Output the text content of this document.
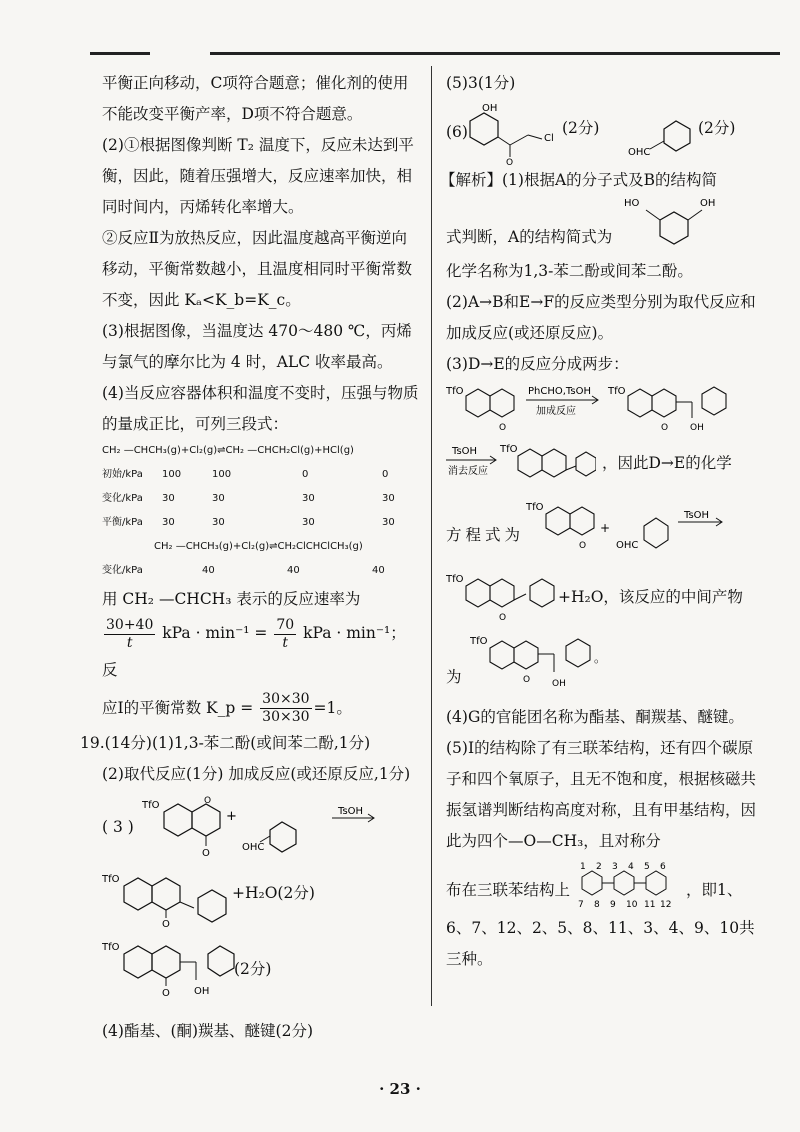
平衡正向移动，C项符合题意；催化剂的使用不能改变平衡产率，D项不符合题意。

(2)①根据图像判断 T₂ 温度下，反应未达到平衡，因此，随着压强增大，反应速率加快，相同时间内，丙烯转化率增大。

②反应Ⅱ为放热反应，因此温度越高平衡逆向移动，平衡常数越小，且温度相同时平衡常数不变，因此 Kₐ<K_b=K_c。

(3)根据图像，当温度达 470～480 ℃，丙烯与氯气的摩尔比为 4 时，ALC 收率最高。

(4)当反应容器体积和温度不变时，压强与物质的量成正比，可列三段式：

CH₂ —CHCH₃(g)+Cl₂(g)⇌CH₂ —CHCH₂Cl(g)+HCl(g)
初始/kPa	100	100	0	0
变化/kPa	30	30	30	30
平衡/kPa	30	30	30	30
CH₂ —CHCH₃(g)+Cl₂(g)⇌CH₂ClCHClCH₃(g)
变化/kPa	40	40	40

用 CH₂ —CHCH₃ 表示的反应速率为

$\frac{30+40}{t}$ kPa · $\min^{-1} = \frac{70}{t}$ kPa · min⁻¹；反
应Ⅰ的平衡常数 K_p = $\frac{30\times 30}{30\times 30} =1$。

19.(14分)(1)1,3-苯二酚(或间苯二酚,1分)

(2)取代反应(1分) 加成反应(或还原反应,1分)

( 3 )
TfO
O
O
+
OHC
TsOH
TfO
O
+H₂O(2分)
TfO
O OH
(2分)

(4)酯基、(酮)羰基、醚键(2分)

(5)3(1分)

(6)
OH
O
Cl
OHC
(2分)	(2分)

【解析】(1)根据A的分子式及B的结构简

式判断，A的结构简式为
HO	OH

化学名称为1,3-苯二酚或间苯二酚。

(2)A→B和E→F的反应类型分别为取代反应和加成反应(或还原反应)。

(3)D→E的反应分成两步：

TfO
O
PhCHO,TsOH
加成反应
TfO
O OH
TsOH
消去反应
TfO
，因此D→E的化学
方程式为
TfO
O
+
OHC
TsOH
TfO
O
+H₂O，该反应的中间产物
为
TfO
O OH
。

(4)G的官能团名称为酯基、酮羰基、醚键。

(5)I的结构除了有三联苯结构，还有四个碳原子和四个氧原子，且无不饱和度，根据核磁共振氢谱判断结构高度对称，且有甲基结构，因此为四个—O—CH₃，且对称分

布在三联苯结构上
1 2 3 4 5 6
7 8 9 10 11 12
，即1、

6、7、12、2、5、8、11、3、4、9、10共三种。

· 23 ·
